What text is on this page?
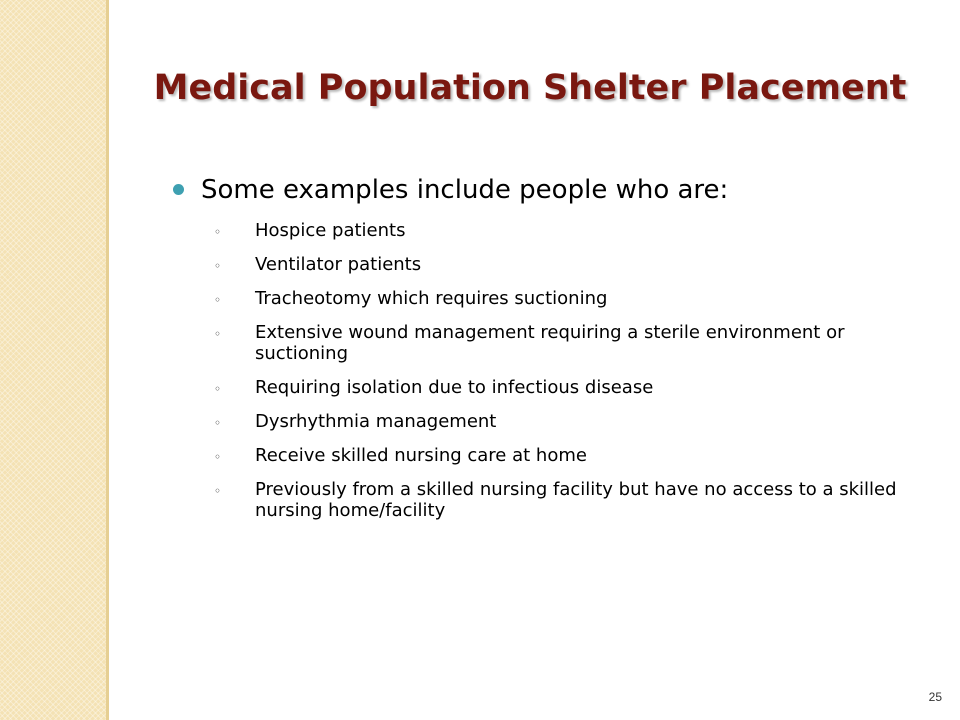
Medical Population Shelter Placement
Some examples include people who are:
◦ Hospice patients
◦ Ventilator patients
◦ Tracheotomy which requires suctioning
◦ Extensive wound management requiring a sterile environment or suctioning
◦ Requiring isolation due to infectious disease
◦ Dysrhythmia management
◦ Receive skilled nursing care at home
◦ Previously from a skilled nursing facility but have no access to a skilled nursing home/facility
25
